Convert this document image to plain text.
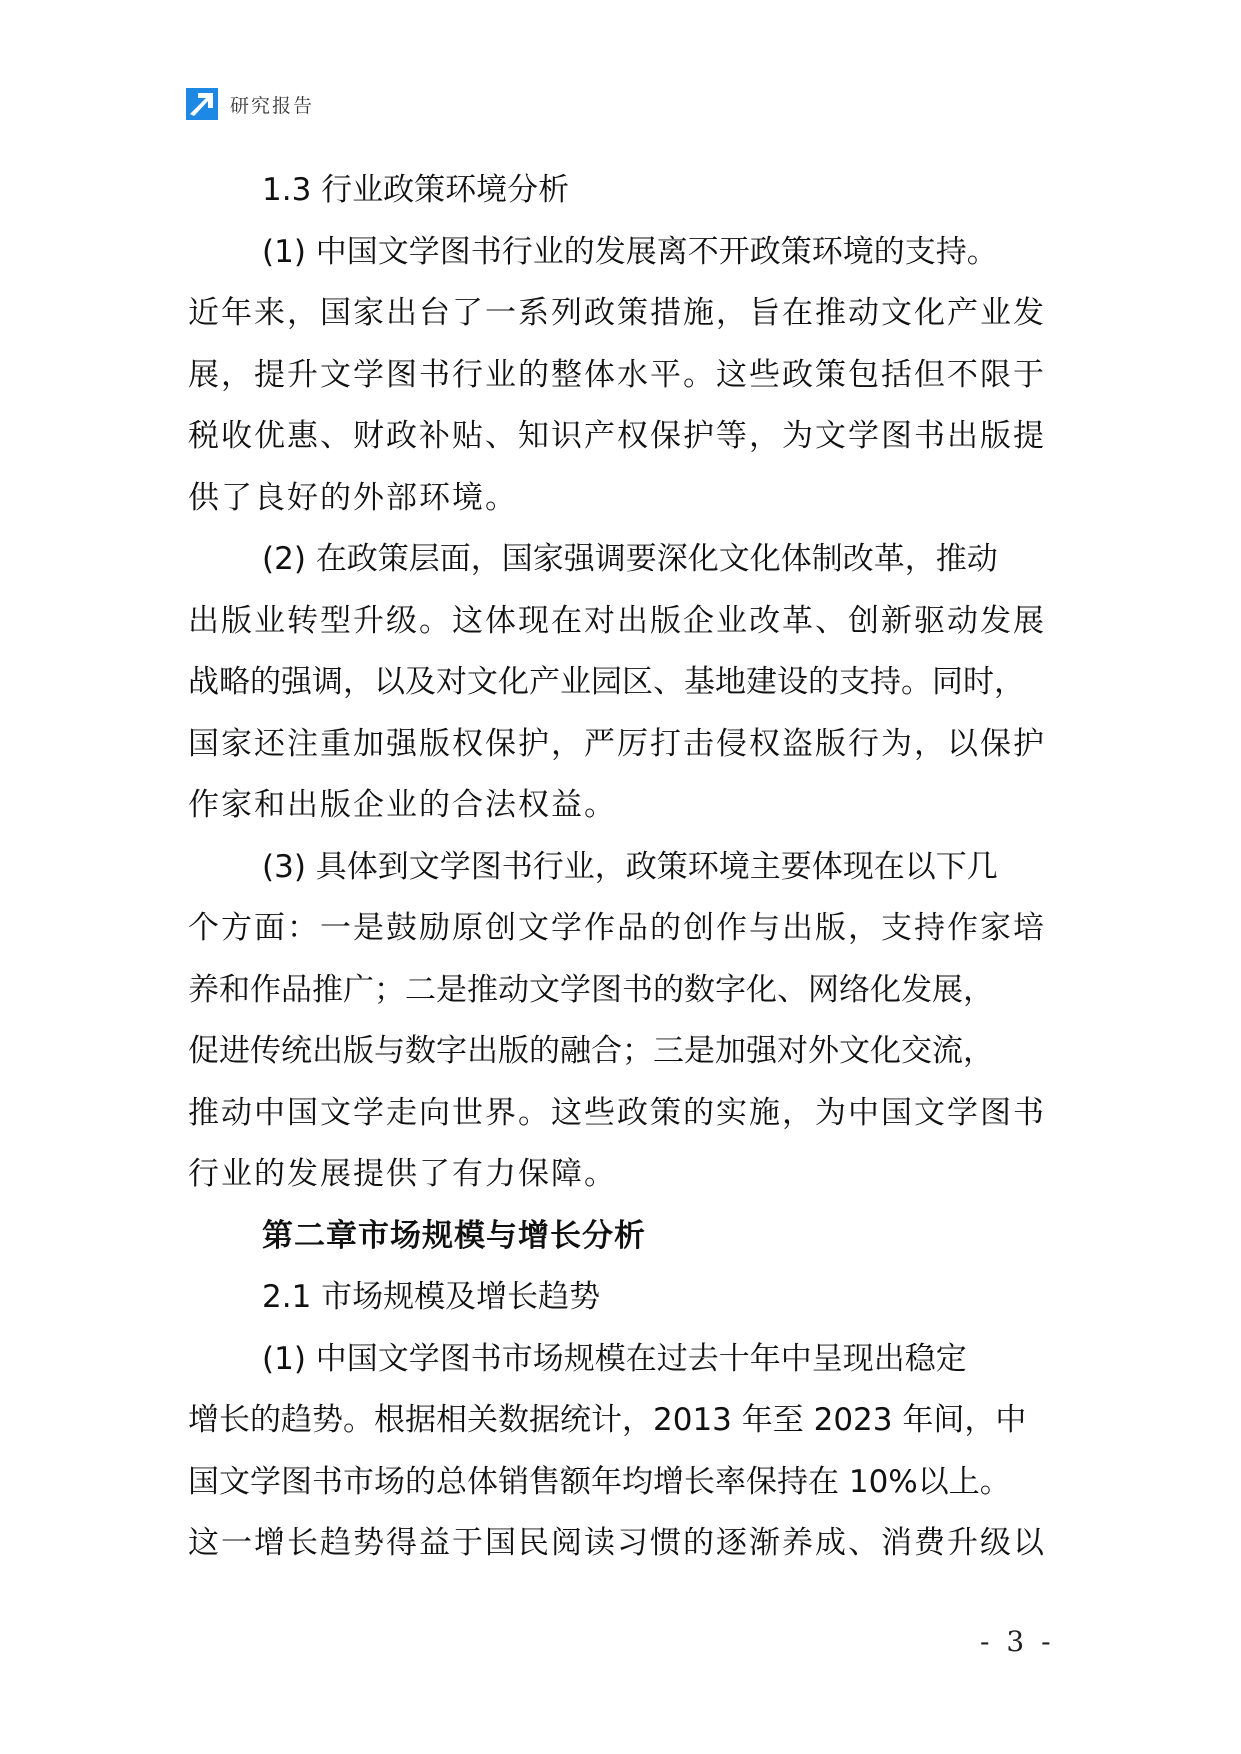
研究报告
1.3 行业政策环境分析
(1) 中国文学图书行业的发展离不开政策环境的支持。
近年来，国家出台了一系列政策措施，旨在推动文化产业发
展，提升文学图书行业的整体水平。这些政策包括但不限于
税收优惠、财政补贴、知识产权保护等，为文学图书出版提
供了良好的外部环境。
(2) 在政策层面，国家强调要深化文化体制改革，推动
出版业转型升级。这体现在对出版企业改革、创新驱动发展
战略的强调，以及对文化产业园区、基地建设的支持。同时，
国家还注重加强版权保护，严厉打击侵权盗版行为，以保护
作家和出版企业的合法权益。
(3) 具体到文学图书行业，政策环境主要体现在以下几
个方面：一是鼓励原创文学作品的创作与出版，支持作家培
养和作品推广；二是推动文学图书的数字化、网络化发展，
促进传统出版与数字出版的融合；三是加强对外文化交流，
推动中国文学走向世界。这些政策的实施，为中国文学图书
行业的发展提供了有力保障。
第二章市场规模与增长分析
2.1 市场规模及增长趋势
(1) 中国文学图书市场规模在过去十年中呈现出稳定
增长的趋势。根据相关数据统计，2013 年至 2023 年间，中
国文学图书市场的总体销售额年均增长率保持在 10%以上。
这一增长趋势得益于国民阅读习惯的逐渐养成、消费升级以
- 3 -
